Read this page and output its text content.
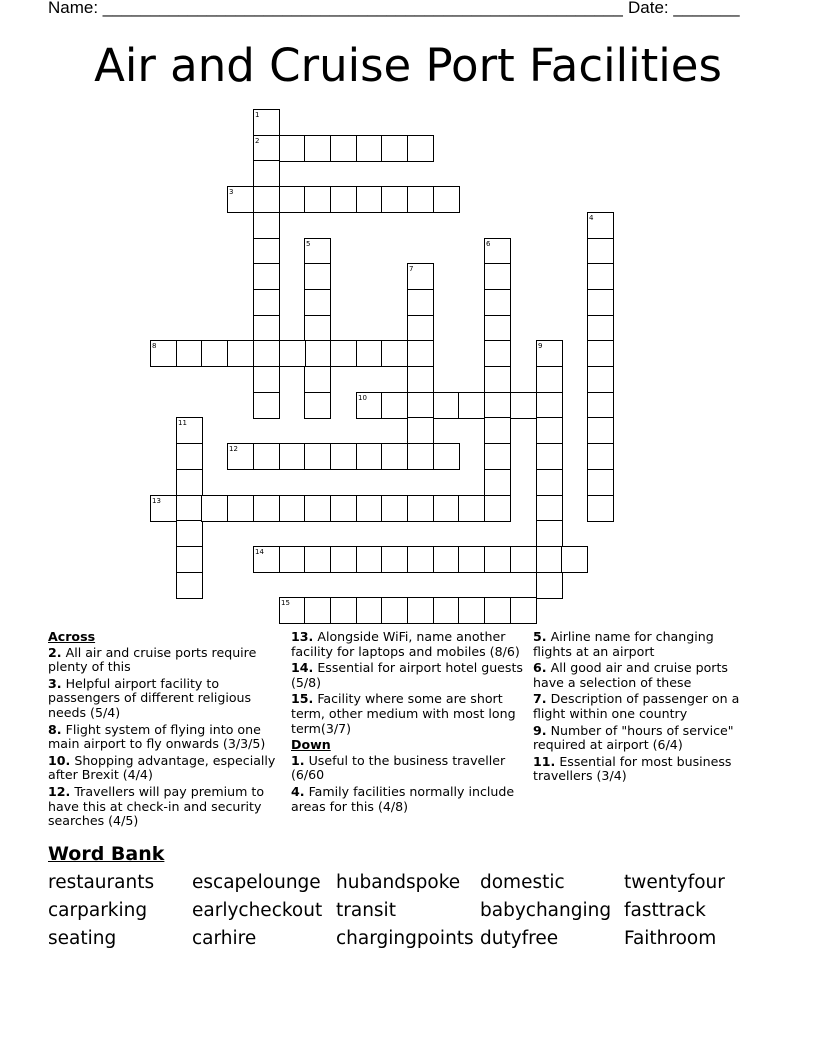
Name: _______________________________________________________ Date: _______
Air and Cruise Port Facilities
1
2
3
4
5	6
7
8	9
10
11
12
13
14
15
Across
2. All air and cruise ports require plenty of this
3. Helpful airport facility to passengers of different religious needs (5/4)
8. Flight system of flying into one main airport to fly onwards (3/3/5)
10. Shopping advantage, especially after Brexit (4/4)
12. Travellers will pay premium to have this at check-in and security searches (4/5)
13. Alongside WiFi, name another facility for laptops and mobiles (8/6)
14. Essential for airport hotel guests (5/8)
15. Facility where some are short term, other medium with most long term(3/7)
Down
1. Useful to the business traveller (6/60
4. Family facilities normally include areas for this (4/8)
5. Airline name for changing flights at an airport
6. All good air and cruise ports have a selection of these
7. Description of passenger on a flight within one country
9. Number of "hours of service" required at airport (6/4)
11. Essential for most business travellers (3/4)
Word Bank
restaurants escapelounge hubandspoke domestic	twentyfour
carparking earlycheckout transit	babychanging fasttrack
seating	carhire	chargingpoints dutyfree	Faithroom
